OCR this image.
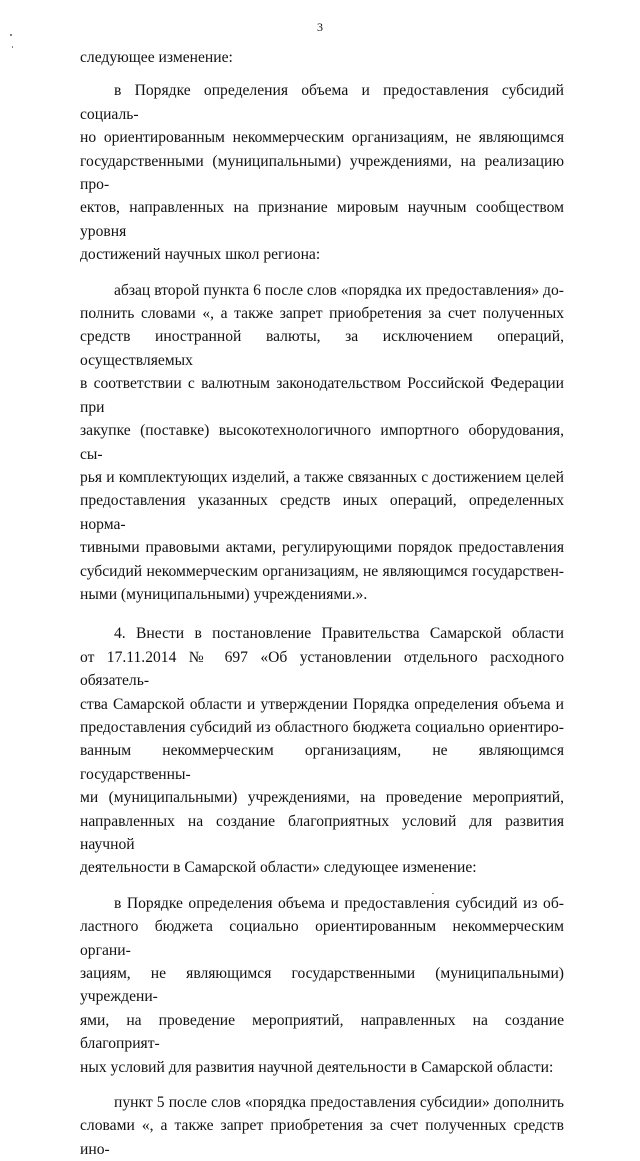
3

следующее изменение:

в Порядке определения объема и предоставления субсидий социаль-

но ориентированным некоммерческим организациям, не являющимся

государственными (муниципальными) учреждениями, на реализацию про-

ектов, направленных на признание мировым научным сообществом уровня

достижений научных школ региона:

абзац второй пункта 6 после слов «порядка их предоставления» до-

полнить словами «, а также запрет приобретения за счет полученных

средств иностранной валюты, за исключением операций, осуществляемых

в соответствии с валютным законодательством Российской Федерации при

закупке (поставке) высокотехнологичного импортного оборудования, сы-

рья и комплектующих изделий, а также связанных с достижением целей

предоставления указанных средств иных операций, определенных норма-

тивными правовыми актами, регулирующими порядок предоставления

субсидий некоммерческим организациям, не являющимся государствен-

ными (муниципальными) учреждениями.».

4. Внести в постановление Правительства Самарской области

от 17.11.2014 № 697 «Об установлении отдельного расходного обязатель-

ства Самарской области и утверждении Порядка определения объема и

предоставления субсидий из областного бюджета социально ориентиро-

ванным некоммерческим организациям, не являющимся государственны-

ми (муниципальными) учреждениями, на проведение мероприятий,

направленных на создание благоприятных условий для развития научной

деятельности в Самарской области» следующее изменение:

в Порядке определения объема и предоставления субсидий из об-

ластного бюджета социально ориентированным некоммерческим органи-

зациям, не являющимся государственными (муниципальными) учреждени-

ями, на проведение мероприятий, направленных на создание благоприят-

ных условий для развития научной деятельности в Самарской области:

пункт 5 после слов «порядка предоставления субсидии» дополнить

словами «, а также запрет приобретения за счет полученных средств ино-
